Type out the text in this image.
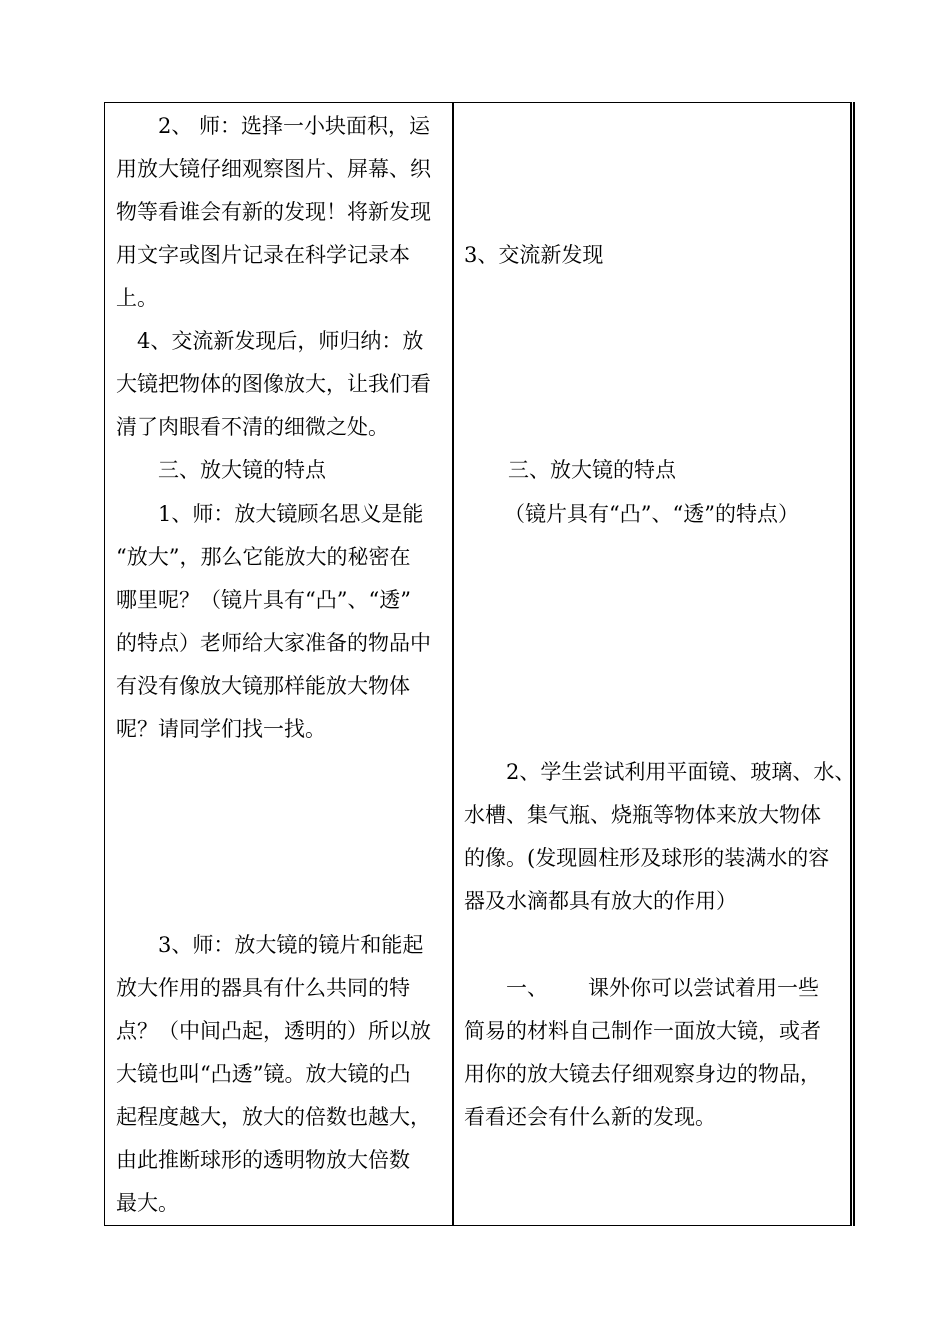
2、 师：选择一小块面积，运
用放大镜仔细观察图片、屏幕、织
物等看谁会有新的发现！将新发现
用文字或图片记录在科学记录本
上。
4、交流新发现后，师归纳：放
大镜把物体的图像放大，让我们看
清了肉眼看不清的细微之处。
三、放大镜的特点
1、师：放大镜顾名思义是能
“放大”，那么它能放大的秘密在
哪里呢？（镜片具有“凸”、“透”
的特点）老师给大家准备的物品中
有没有像放大镜那样能放大物体
呢？请同学们找一找。
3、师：放大镜的镜片和能起
放大作用的器具有什么共同的特
点？（中间凸起，透明的）所以放
大镜也叫“凸透”镜。放大镜的凸
起程度越大，放大的倍数也越大，
由此推断球形的透明物放大倍数
最大。
3、交流新发现
三、放大镜的特点
（镜片具有“凸”、“透”的特点）
2、学生尝试利用平面镜、玻璃、水、
水槽、集气瓶、烧瓶等物体来放大物体
的像。(发现圆柱形及球形的装满水的容
器及水滴都具有放大的作用）
一、      课外你可以尝试着用一些
简易的材料自己制作一面放大镜，或者
用你的放大镜去仔细观察身边的物品，
看看还会有什么新的发现。
